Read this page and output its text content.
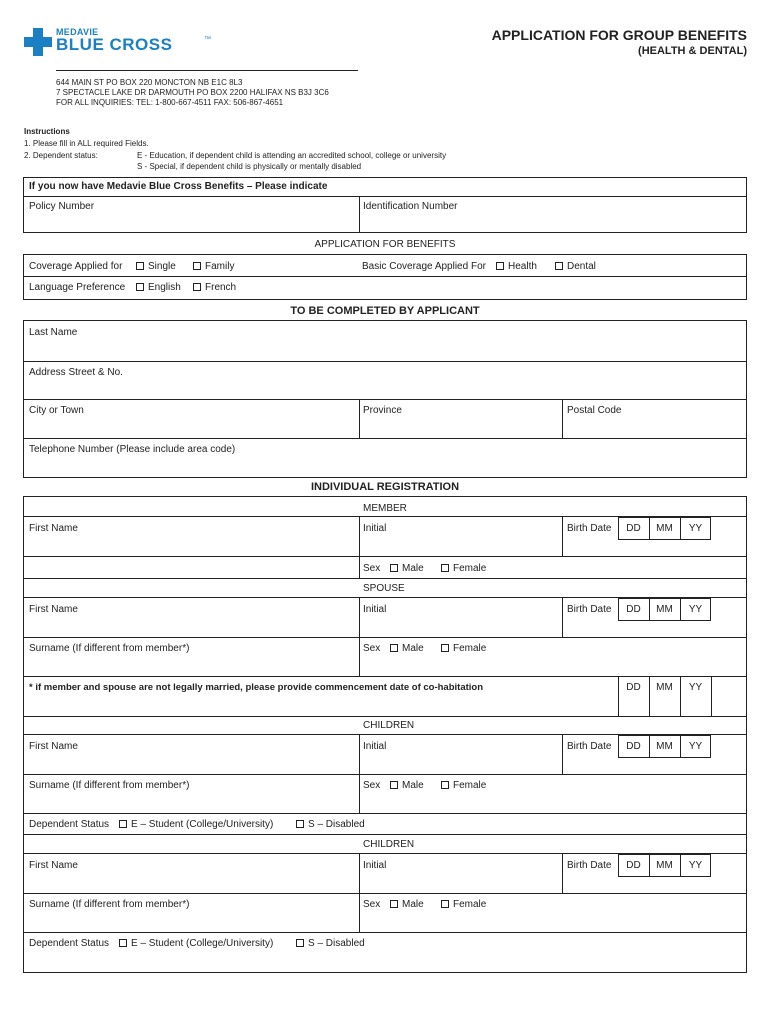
MEDAVIE
BLUE CROSS	™	APPLICATION FOR GROUP BENEFITS
(HEALTH & DENTAL)
644 MAIN ST PO BOX 220 MONCTON NB E1C 8L3
7 SPECTACLE LAKE DR DARMOUTH PO BOX 2200 HALIFAX NS B3J 3C6
FOR ALL INQUIRIES: TEL: 1-800-667-4511 FAX: 506-867-4651
Instructions
1. Please fill in ALL required Fields.
2. Dependent status:	E - Education, if dependent child is attending an accredited school, college or university
S - Special, if dependent child is physically or mentally disabled
If you now have Medavie Blue Cross Benefits – Please indicate
Policy Number	Identification Number
APPLICATION FOR BENEFITS
Coverage Applied for	Single	Family	Basic Coverage Applied For	Health	Dental
Language Preference	English	French
TO BE COMPLETED BY APPLICANT
Last Name
Address Street & No.
City or Town	Province	Postal Code
Telephone Number (Please include area code)
INDIVIDUAL REGISTRATION
MEMBER
First Name	Initial	Birth Date	DD	MM	YY
Sex	Male	Female
SPOUSE
First Name	Initial	Birth Date	DD	MM	YY
Surname (If different from member*)	Sex	Male	Female
* if member and spouse are not legally married, please provide commencement date of co-habitation	DD	MM	YY
CHILDREN
First Name	Initial	Birth Date	DD	MM	YY
Surname (If different from member*)	Sex	Male	Female
Dependent Status	E – Student (College/University)	S – Disabled
CHILDREN
First Name	Initial	Birth Date	DD	MM	YY
Surname (If different from member*)	Sex	Male	Female
Dependent Status	E – Student (College/University)	S – Disabled
